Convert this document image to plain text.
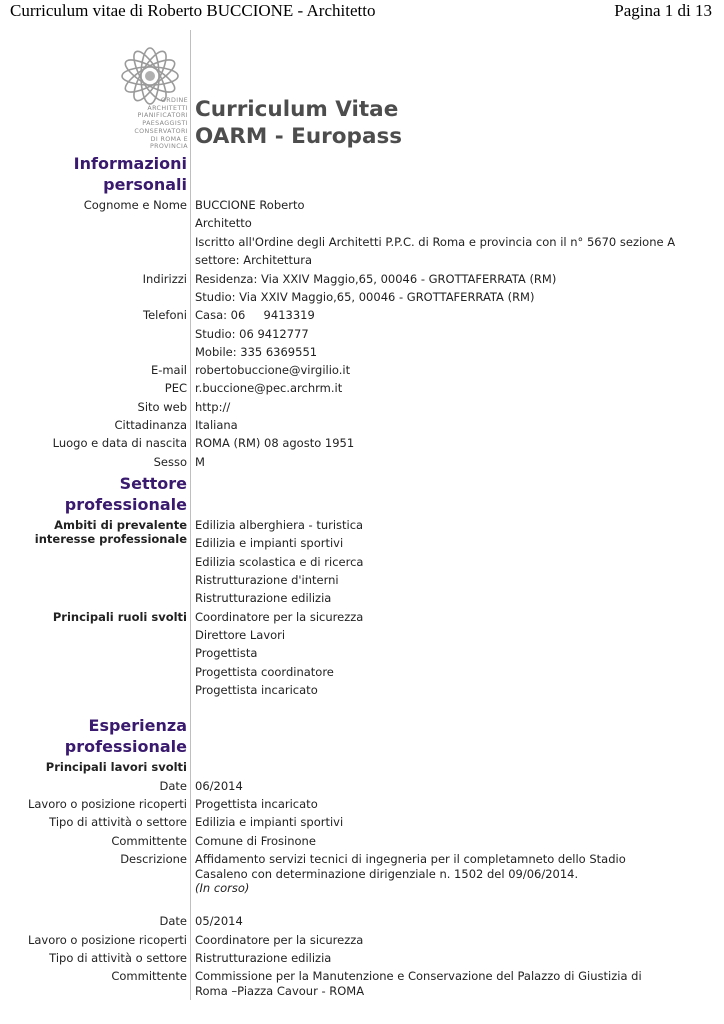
Curriculum vitae di Roberto BUCCIONE - Architetto	Pagina 1 di 13
ORDINE
ARCHITETTI
PIANIFICATORI
PAESAGGISTI
CONSERVATORI
DI ROMA E
PROVINCIA
Curriculum Vitae
OARM - Europass
Informazioni
personali
Cognome e Nome BUCCIONE Roberto
Architetto
Iscritto all'Ordine degli Architetti P.P.C. di Roma e provincia con il n° 5670 sezione A
settore: Architettura
Indirizzi Residenza: Via XXIV Maggio,65, 00046 - GROTTAFERRATA (RM)
Studio: Via XXIV Maggio,65, 00046 - GROTTAFERRATA (RM)
Telefoni Casa: 06     9413319
Studio: 06 9412777
Mobile: 335 6369551
E-mail robertobuccione@virgilio.it
PEC r.buccione@pec.archrm.it
Sito web http://
Cittadinanza Italiana
Luogo e data di nascita ROMA (RM) 08 agosto 1951
Sesso M
Settore
professionale
Ambiti di prevalente
interesse professionale
Edilizia alberghiera - turistica
Edilizia e impianti sportivi
Edilizia scolastica e di ricerca
Ristrutturazione d'interni
Ristrutturazione edilizia
Principali ruoli svolti Coordinatore per la sicurezza
Direttore Lavori
Progettista
Progettista coordinatore
Progettista incaricato
Esperienza
professionale
Principali lavori svolti
Date 06/2014
Lavoro o posizione ricoperti Progettista incaricato
Tipo di attività o settore Edilizia e impianti sportivi
Committente Comune di Frosinone
Descrizione Affidamento servizi tecnici di ingegneria per il completamneto dello Stadio Casaleno con determinazione dirigenziale n. 1502 del 09/06/2014.
(In corso)
Date 05/2014
Lavoro o posizione ricoperti Coordinatore per la sicurezza
Tipo di attività o settore Ristrutturazione edilizia
Committente Commissione per la Manutenzione e Conservazione del Palazzo di Giustizia di Roma –Piazza Cavour - ROMA
